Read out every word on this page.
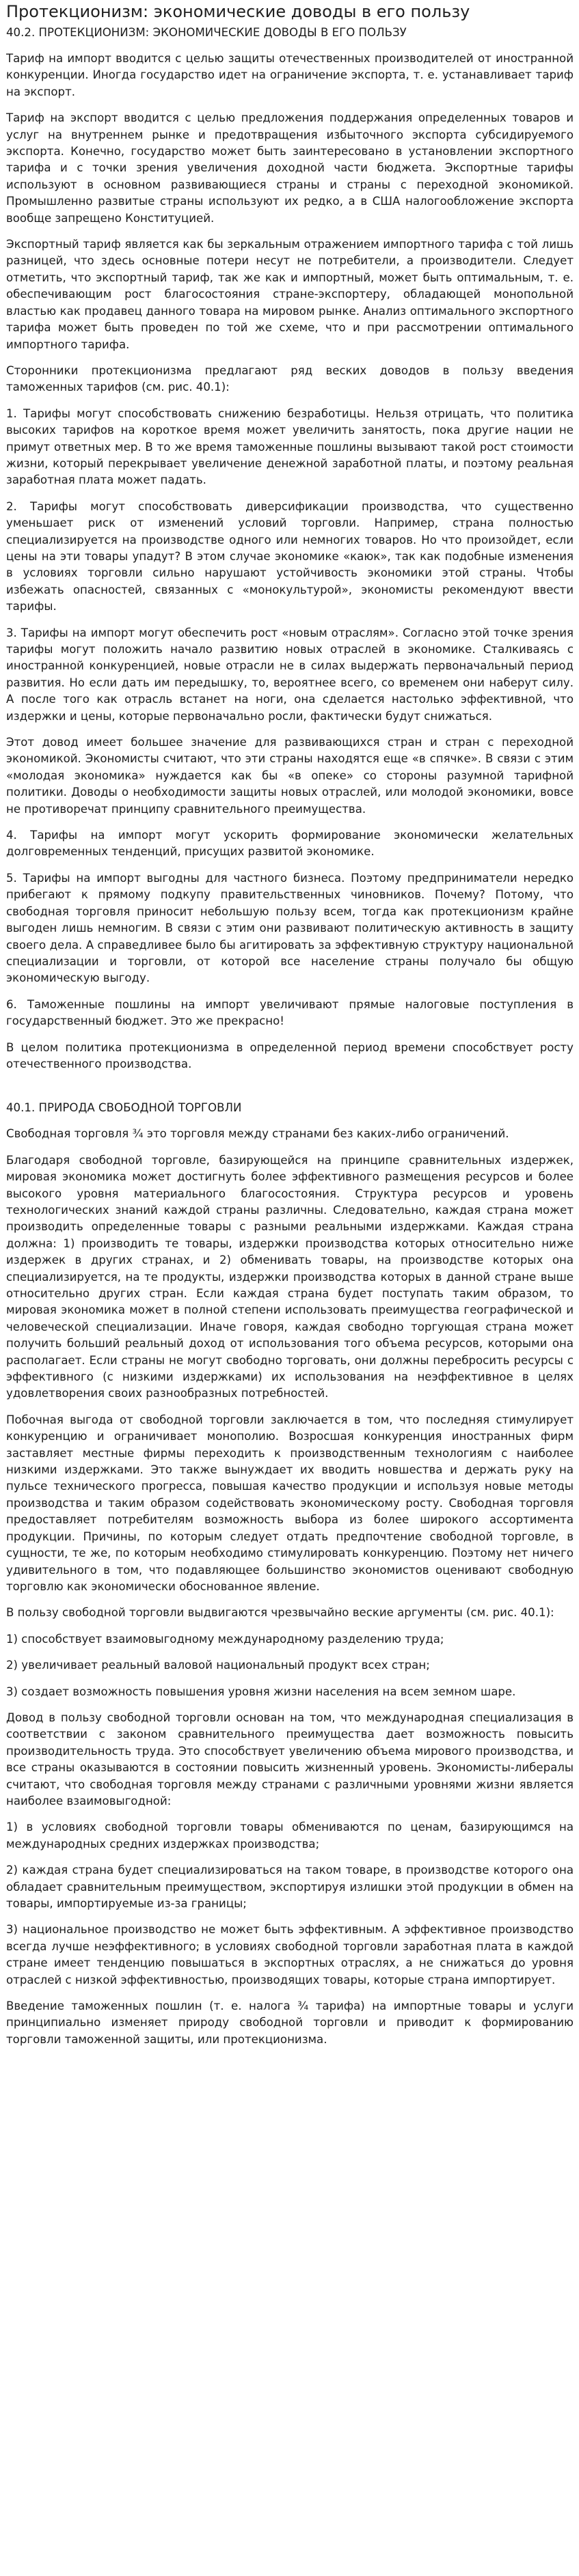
Протекционизм: экономические доводы в его пользу
40.2. ПРОТЕКЦИОНИЗМ: ЭКОНОМИЧЕСКИЕ ДОВОДЫ В ЕГО ПОЛЬЗУ

Тариф на импорт вводится с целью защиты отечественных производителей от иностранной конкуренции. Иногда государство идет на ограничение экспорта, т. е. устанавливает тариф на экспорт.

Тариф на экспорт вводится с целью предложения поддержания определенных товаров и услуг на внутреннем рынке и предотвращения избыточного экспорта субсидируемого экспорта. Конечно, государство может быть заинтересовано в установлении экспортного тарифа и с точки зрения увеличения доходной части бюджета. Экспортные тарифы используют в основном развивающиеся страны и страны с переходной экономикой. Промышленно развитые страны используют их редко, а в США налогообложение экспорта вообще запрещено Конституцией.

Экспортный тариф является как бы зеркальным отражением импортного тарифа с той лишь разницей, что здесь основные потери несут не потребители, а производители. Следует отметить, что экспортный тариф, так же как и импортный, может быть оптимальным, т. е. обеспечивающим рост благосостояния стране-экспортеру, обладающей монопольной властью как продавец данного товара на мировом рынке. Анализ оптимального экспортного тарифа может быть проведен по той же схеме, что и при рассмотрении оптимального импортного тарифа.

Сторонники протекционизма предлагают ряд веских доводов в пользу введения таможенных тарифов (см. рис. 40.1):

1. Тарифы могут способствовать снижению безработицы. Нельзя отрицать, что политика высоких тарифов на короткое время может увеличить занятость, пока другие нации не примут ответных мер. В то же время таможенные пошлины вызывают такой рост стоимости жизни, который перекрывает увеличение денежной заработной платы, и поэтому реальная заработная плата может падать.

2. Тарифы могут способствовать диверсификации производства, что существенно уменьшает риск от изменений условий торговли. Например, страна полностью специализируется на производстве одного или немногих товаров. Но что произойдет, если цены на эти товары упадут? В этом случае экономике «каюк», так как подобные изменения в условиях торговли сильно нарушают устойчивость экономики этой страны. Чтобы избежать опасностей, связанных с «монокультурой», экономисты рекомендуют ввести тарифы.

3. Тарифы на импорт могут обеспечить рост «новым отраслям». Согласно этой точке зрения тарифы могут положить начало развитию новых отраслей в экономике. Сталкиваясь с иностранной конкуренцией, новые отрасли не в силах выдержать первоначальный период развития. Но если дать им передышку, то, вероятнее всего, со временем они наберут силу. А после того как отрасль встанет на ноги, она сделается настолько эффективной, что издержки и цены, которые первоначально росли, фактически будут снижаться.

Этот довод имеет большее значение для развивающихся стран и стран с переходной экономикой. Экономисты считают, что эти страны находятся еще «в спячке». В связи с этим «молодая экономика» нуждается как бы «в опеке» со стороны разумной тарифной политики. Доводы о необходимости защиты новых отраслей, или молодой экономики, вовсе не противоречат принципу сравнительного преимущества.

4. Тарифы на импорт могут ускорить формирование экономически желательных долговременных тенденций, присущих развитой экономике.

5. Тарифы на импорт выгодны для частного бизнеса. Поэтому предприниматели нередко прибегают к прямому подкупу правительственных чиновников. Почему? Потому, что свободная торговля приносит небольшую пользу всем, тогда как протекционизм крайне выгоден лишь немногим. В связи с этим они развивают политическую активность в защиту своего дела. А справедливее было бы агитировать за эффективную структуру национальной специализации и торговли, от которой все население страны получало бы общую экономическую выгоду.

6. Таможенные пошлины на импорт увеличивают прямые налоговые поступления в государственный бюджет. Это же прекрасно!

В целом политика протекционизма в определенной период времени способствует росту отечественного производства.

40.1. ПРИРОДА СВОБОДНОЙ ТОРГОВЛИ

Свободная торговля ¾ это торговля между странами без каких-либо ограничений.

Благодаря свободной торговле, базирующейся на принципе сравнительных издержек, мировая экономика может достигнуть более эффективного размещения ресурсов и более высокого уровня материального благосостояния. Структура ресурсов и уровень технологических знаний каждой страны различны. Следовательно, каждая страна может производить определенные товары с разными реальными издержками. Каждая страна должна: 1) производить те товары, издержки производства которых относительно ниже издержек в других странах, и 2) обменивать товары, на производстве которых она специализируется, на те продукты, издержки производства которых в данной стране выше относительно других стран. Если каждая страна будет поступать таким образом, то мировая экономика может в полной степени использовать преимущества географической и человеческой специализации. Иначе говоря, каждая свободно торгующая страна может получить больший реальный доход от использования того объема ресурсов, которыми она располагает. Если страны не могут свободно торговать, они должны перебросить ресурсы с эффективного (с низкими издержками) их использования на неэффективное в целях удовлетворения своих разнообразных потребностей.

Побочная выгода от свободной торговли заключается в том, что последняя стимулирует конкуренцию и ограничивает монополию. Возросшая конкуренция иностранных фирм заставляет местные фирмы переходить к производственным технологиям с наиболее низкими издержками. Это также вынуждает их вводить новшества и держать руку на пульсе технического прогресса, повышая качество продукции и используя новые методы производства и таким образом содействовать экономическому росту. Свободная торговля предоставляет потребителям возможность выбора из более широкого ассортимента продукции. Причины, по которым следует отдать предпочтение свободной торговле, в сущности, те же, по которым необходимо стимулировать конкуренцию. Поэтому нет ничего удивительного в том, что подавляющее большинство экономистов оценивают свободную торговлю как экономически обоснованное явление.

В пользу свободной торговли выдвигаются чрезвычайно веские аргументы (см. рис. 40.1):

1) способствует взаимовыгодному международному разделению труда;

2) увеличивает реальный валовой национальный продукт всех стран;

3) создает возможность повышения уровня жизни населения на всем земном шаре.

Довод в пользу свободной торговли основан на том, что международная специализация в соответствии с законом сравнительного преимущества дает возможность повысить производительность труда. Это способствует увеличению объема мирового производства, и все страны оказываются в состоянии повысить жизненный уровень. Экономисты-либералы считают, что свободная торговля между странами с различными уровнями жизни является наиболее взаимовыгодной:

1) в условиях свободной торговли товары обмениваются по ценам, базирующимся на международных средних издержках производства;

2) каждая страна будет специализироваться на таком товаре, в производстве которого она обладает сравнительным преимуществом, экспортируя излишки этой продукции в обмен на товары, импортируемые из-за границы;

3) национальное производство не может быть эффективным. А эффективное производство всегда лучше неэффективного; в условиях свободной торговли заработная плата в каждой стране имеет тенденцию повышаться в экспортных отраслях, а не снижаться до уровня отраслей с низкой эффективностью, производящих товары, которые страна импортирует.

Введение таможенных пошлин (т. е. налога ¾ тарифа) на импортные товары и услуги принципиально изменяет природу свободной торговли и приводит к формированию торговли таможенной защиты, или протекционизма.
